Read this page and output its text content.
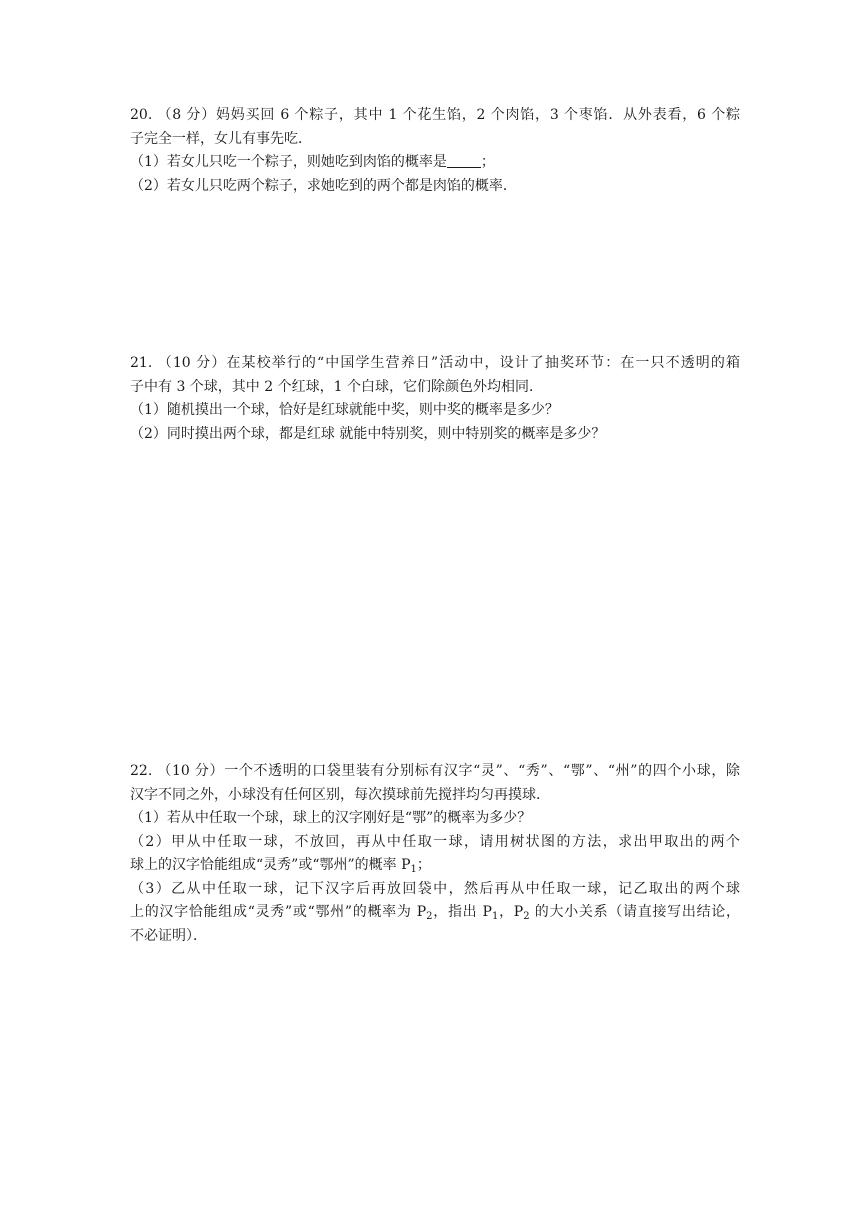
20. （8 分）妈妈买回 6 个粽子，其中 1 个花生馅，2 个肉馅，3 个枣馅．从外表看，6 个粽
子完全一样，女儿有事先吃．
（1）若女儿只吃一个粽子，则她吃到肉馅的概率是 ；
（2）若女儿只吃两个粽子，求她吃到的两个都是肉馅的概率．
21. （10 分）在某校举行的“中国学生营养日”活动中，设计了抽奖环节：在一只不透明的箱
子中有 3 个球，其中 2 个红球，1 个白球，它们除颜色外均相同．
（1）随机摸出一个球，恰好是红球就能中奖，则中奖的概率是多少？
（2）同时摸出两个球，都是红球 就能中特别奖，则中特别奖的概率是多少？
22. （10 分）一个不透明的口袋里装有分别标有汉字“灵”、“秀”、“鄂”、“州”的四个小球，除
汉字不同之外，小球没有任何区别，每次摸球前先搅拌均匀再摸球．
（1）若从中任取一个球，球上的汉字刚好是“鄂”的概率为多少？
（2）甲从中任取一球，不放回，再从中任取一球，请用树状图的方法，求出甲取出的两个
球上的汉字恰能组成“灵秀”或“鄂州”的概率 $P_1$；
（3）乙从中任取一球，记下汉字后再放回袋中，然后再从中任取一球，记乙取出的两个球
上的汉字恰能组成“灵秀”或“鄂州”的概率为 $P_2$，指出 $P_1$，$P_2$ 的大小关系（请直接写出结论，
不必证明）．
